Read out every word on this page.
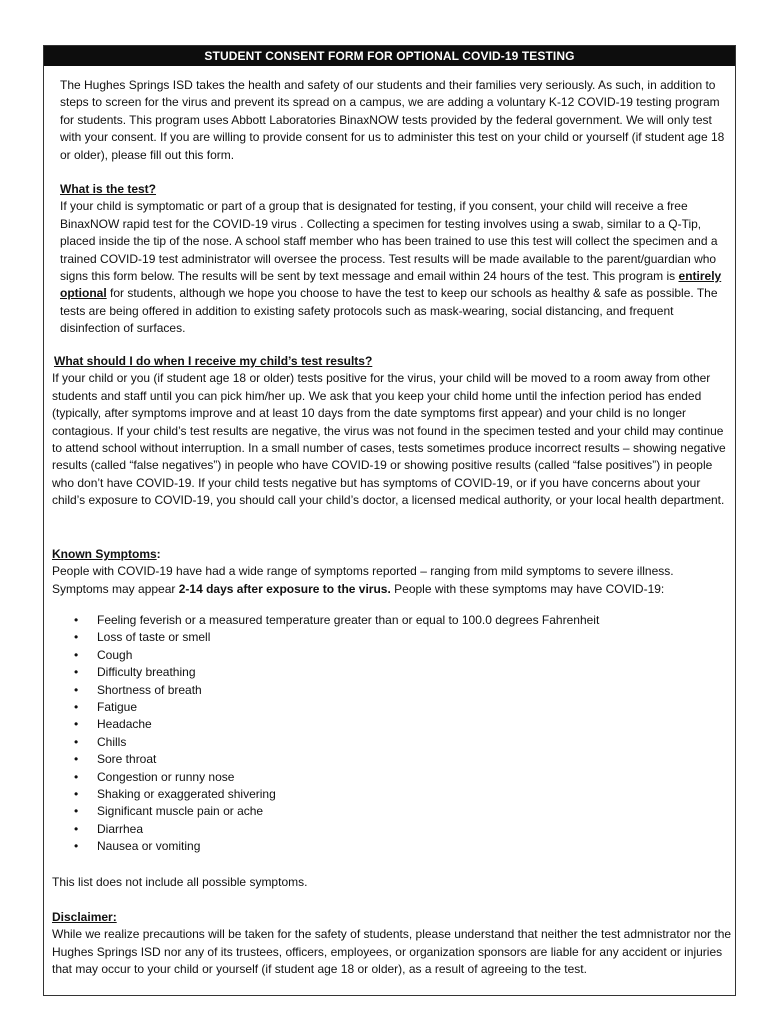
STUDENT CONSENT FORM FOR OPTIONAL COVID-19 TESTING
The Hughes Springs ISD takes the health and safety of our students and their families very seriously. As such, in addition to steps to screen for the virus and prevent its spread on a campus, we are adding a voluntary K-12 COVID-19 testing program for students. This program uses Abbott Laboratories BinaxNOW tests provided by the federal government. We will only test with your consent. If you are willing to provide consent for us to administer this test on your child or yourself (if student age 18 or older), please fill out this form.
What is the test?
If your child is symptomatic or part of a group that is designated for testing, if you consent, your child will receive a free BinaxNOW rapid test for the COVID-19 virus . Collecting a specimen for testing involves using a swab, similar to a Q-Tip, placed inside the tip of the nose. A school staff member who has been trained to use this test will collect the specimen and a trained COVID-19 test administrator will oversee the process. Test results will be made available to the parent/guardian who signs this form below. The results will be sent by text message and email within 24 hours of the test. This program is entirely optional for students, although we hope you choose to have the test to keep our schools as healthy & safe as possible. The tests are being offered in addition to existing safety protocols such as mask-wearing, social distancing, and frequent disinfection of surfaces.
What should I do when I receive my child’s test results?
If your child or you (if student age 18 or older) tests positive for the virus, your child will be moved to a room away from other students and staff until you can pick him/her up. We ask that you keep your child home until the infection period has ended (typically, after symptoms improve and at least 10 days from the date symptoms first appear) and your child is no longer contagious. If your child’s test results are negative, the virus was not found in the specimen tested and your child may continue to attend school without interruption. In a small number of cases, tests sometimes produce incorrect results – showing negative results (called “false negatives”) in people who have COVID-19 or showing positive results (called “false positives”) in people who don’t have COVID-19. If your child tests negative but has symptoms of COVID-19, or if you have concerns about your child’s exposure to COVID-19, you should call your child’s doctor, a licensed medical authority, or your local health department.
Known Symptoms:
People with COVID-19 have had a wide range of symptoms reported – ranging from mild symptoms to severe illness. Symptoms may appear 2-14 days after exposure to the virus. People with these symptoms may have COVID-19:
• Feeling feverish or a measured temperature greater than or equal to 100.0 degrees Fahrenheit
• Loss of taste or smell
• Cough
• Difficulty breathing
• Shortness of breath
• Fatigue
• Headache
• Chills
• Sore throat
• Congestion or runny nose
• Shaking or exaggerated shivering
• Significant muscle pain or ache
• Diarrhea
• Nausea or vomiting
This list does not include all possible symptoms.
Disclaimer:
While we realize precautions will be taken for the safety of students, please understand that neither the test admnistrator nor the Hughes Springs ISD nor any of its trustees, officers, employees, or organization sponsors are liable for any accident or injuries that may occur to your child or yourself (if student age 18 or older), as a result of agreeing to the test.
